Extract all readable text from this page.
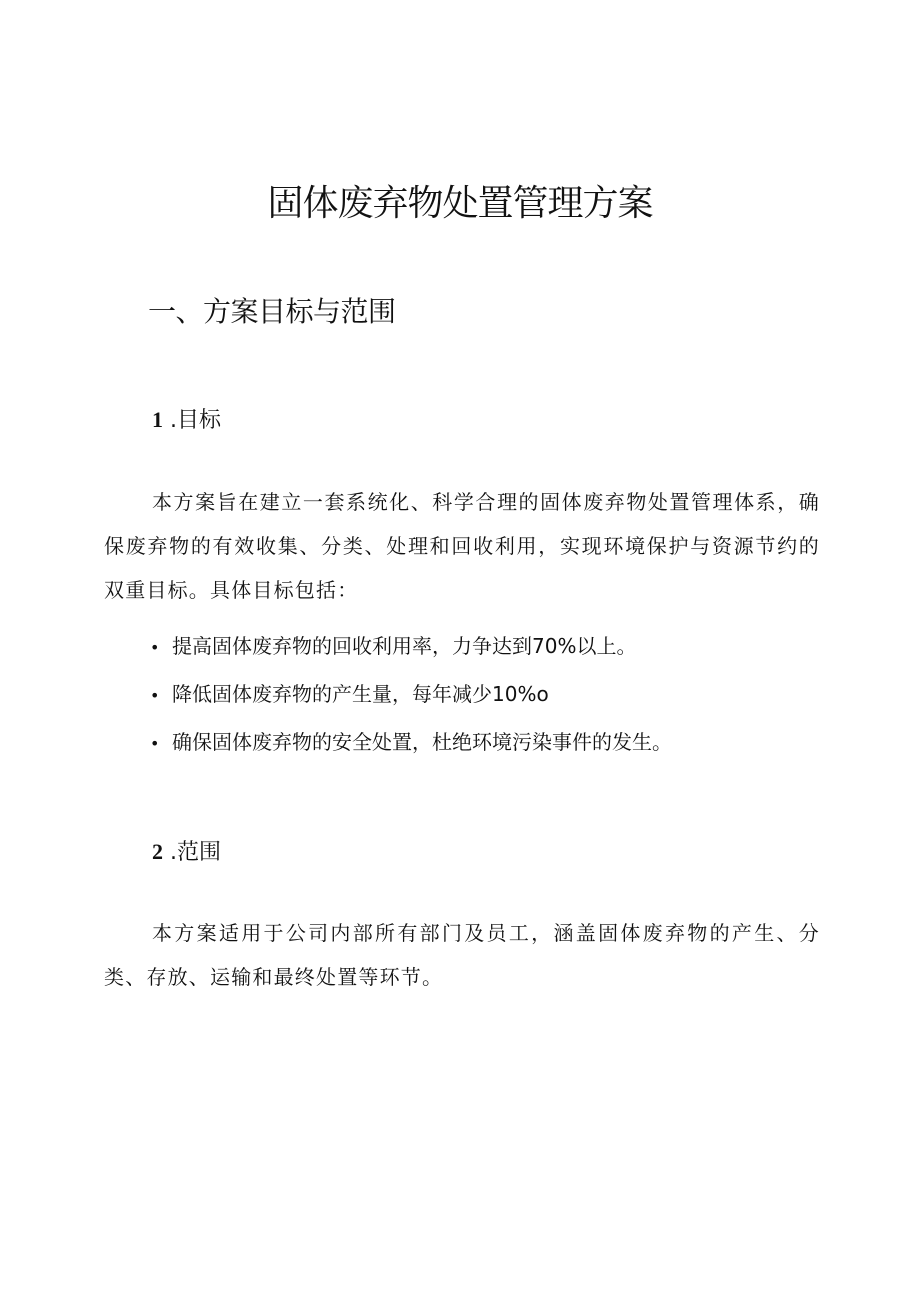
固体废弃物处置管理方案
一、方案目标与范围
1 .目标

本方案旨在建立一套系统化、科学合理的固体废弃物处置管理体系，确保废弃物的有效收集、分类、处理和回收利用，实现环境保护与资源节约的双重目标。具体目标包括：

• 提高固体废弃物的回收利用率，力争达到70%以上。
• 降低固体废弃物的产生量，每年减少10%o
• 确保固体废弃物的安全处置，杜绝环境污染事件的发生。
2 .范围

本方案适用于公司内部所有部门及员工，涵盖固体废弃物的产生、分类、存放、运输和最终处置等环节。
